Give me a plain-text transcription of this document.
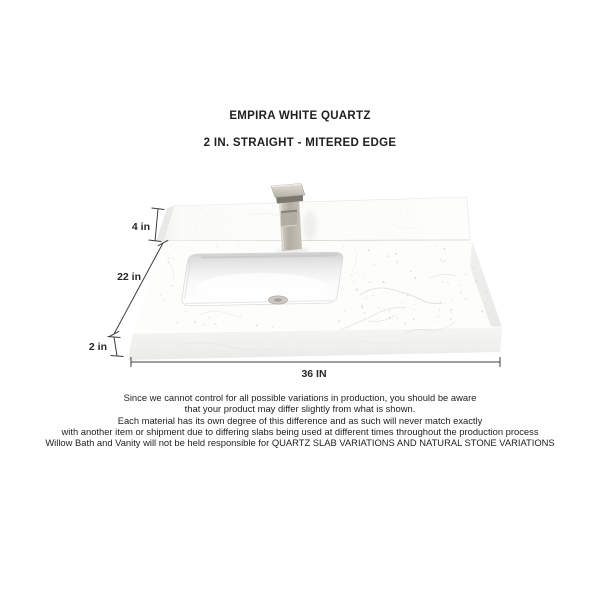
EMPIRA WHITE QUARTZ
2 IN. STRAIGHT - MITERED EDGE
4 in
22 in
2 in
36 IN
Since we cannot control for all possible variations in production, you should be aware
that your product may differ slightly from what is shown.
Each material has its own degree of this difference and as such will never match exactly
with another item or shipment due to differing slabs being used at different times throughout the production process
Willow Bath and Vanity will not be held responsible for QUARTZ SLAB VARIATIONS AND NATURAL STONE VARIATIONS
